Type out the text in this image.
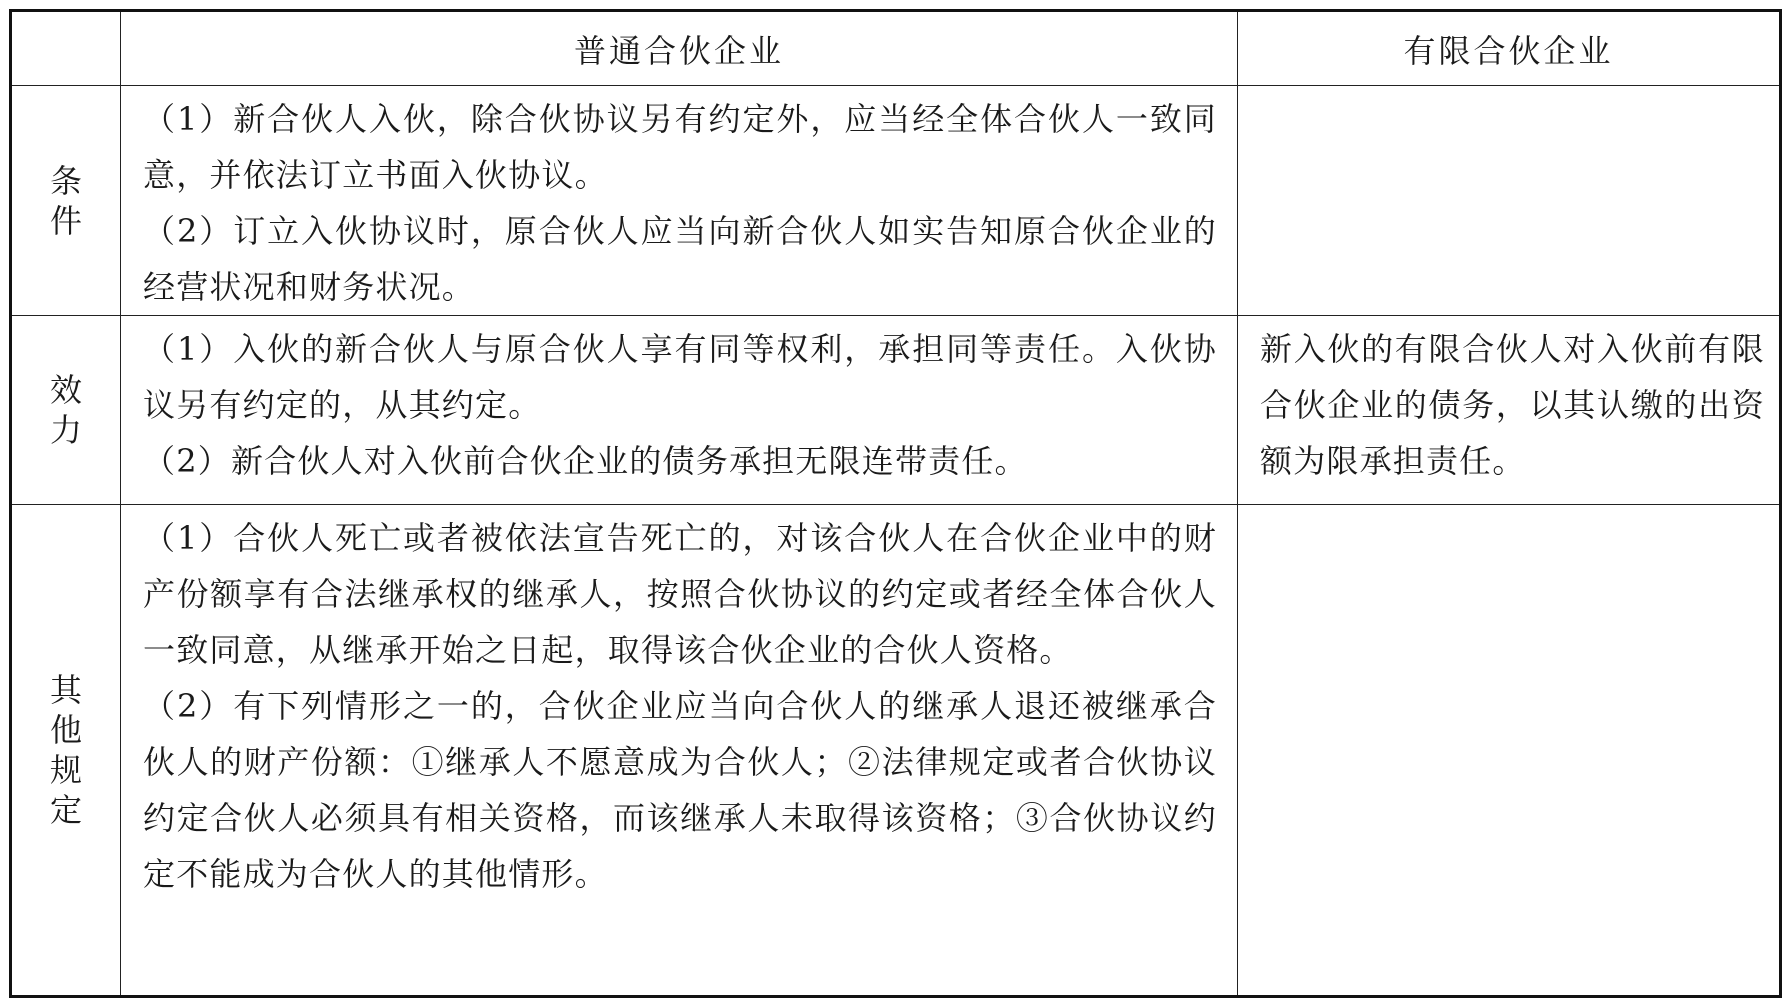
	普通合伙企业	有限合伙企业
条件	（1）新合伙人入伙，除合伙协议另有约定外，应当经全体合伙人一致同意，并依法订立书面入伙协议。

（2）订立入伙协议时，原合伙人应当向新合伙人如实告知原合伙企业的经营状况和财务状况。	

效力	（1）入伙的新合伙人与原合伙人享有同等权利，承担同等责任。入伙协议另有约定的，从其约定。

（2）新合伙人对入伙前合伙企业的债务承担无限连带责任。	新入伙的有限合伙人对入伙前有限合伙企业的债务，以其认缴的出资额为限承担责任。

其他规定	（1）合伙人死亡或者被依法宣告死亡的，对该合伙人在合伙企业中的财产份额享有合法继承权的继承人，按照合伙协议的约定或者经全体合伙人一致同意，从继承开始之日起，取得该合伙企业的合伙人资格。

（2）有下列情形之一的，合伙企业应当向合伙人的继承人退还被继承合伙人的财产份额：①继承人不愿意成为合伙人；②法律规定或者合伙协议约定合伙人必须具有相关资格，而该继承人未取得该资格；③合伙协议约定不能成为合伙人的其他情形。	
